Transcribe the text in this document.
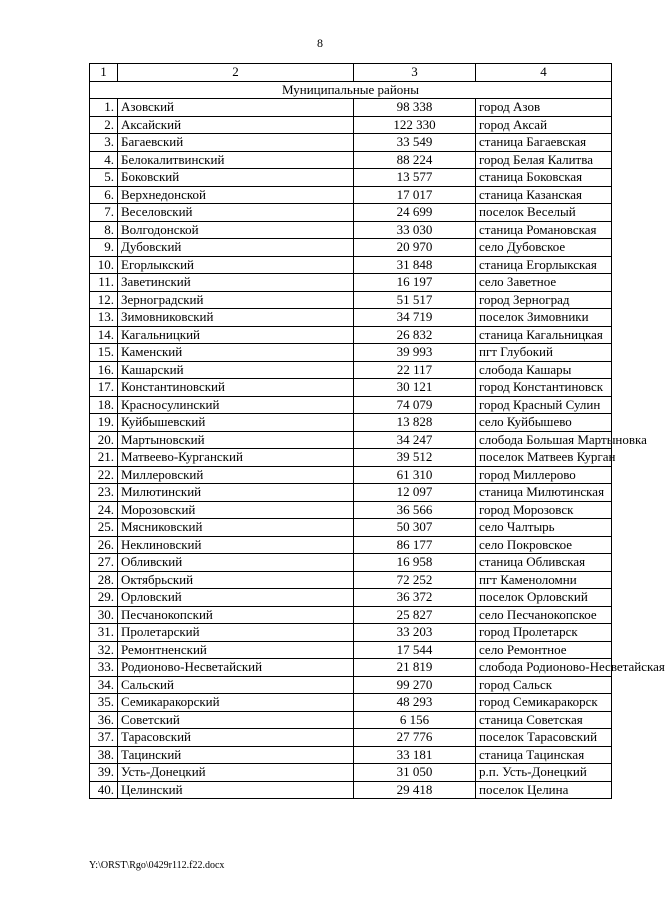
8
1	2	3	4
Муниципальные районы			
1.	Азовский	98 338	город Азов
2.	Аксайский	122 330	город Аксай
3.	Багаевский	33 549	станица Багаевская
4.	Белокалитвинский	88 224	город Белая Калитва
5.	Боковский	13 577	станица Боковская
6.	Верхнедонской	17 017	станица Казанская
7.	Веселовский	24 699	поселок Веселый
8.	Волгодонской	33 030	станица Романовская
9.	Дубовский	20 970	село Дубовское
10.	Егорлыкский	31 848	станица Егорлыкская
11.	Заветинский	16 197	село Заветное
12.	Зерноградский	51 517	город Зерноград
13.	Зимовниковский	34 719	поселок Зимовники
14.	Кагальницкий	26 832	станица Кагальницкая
15.	Каменский	39 993	пгт Глубокий
16.	Кашарский	22 117	слобода Кашары
17.	Константиновский	30 121	город Константиновск
18.	Красносулинский	74 079	город Красный Сулин
19.	Куйбышевский	13 828	село Куйбышево
20.	Мартыновский	34 247	слобода Большая Мартыновка
21.	Матвеево-Курганский	39 512	поселок Матвеев Курган
22.	Миллеровский	61 310	город Миллерово
23.	Милютинский	12 097	станица Милютинская
24.	Морозовский	36 566	город Морозовск
25.	Мясниковский	50 307	село Чалтырь
26.	Неклиновский	86 177	село Покровское
27.	Обливский	16 958	станица Обливская
28.	Октябрьский	72 252	пгт Каменоломни
29.	Орловский	36 372	поселок Орловский
30.	Песчанокопский	25 827	село Песчанокопское
31.	Пролетарский	33 203	город Пролетарск
32.	Ремонтненский	17 544	село Ремонтное
33.	Родионово-Несветайский	21 819	слобода Родионово-Несветайская
34.	Сальский	99 270	город Сальск
35.	Семикаракорский	48 293	город Семикаракорск
36.	Советский	6 156	станица Советская
37.	Тарасовский	27 776	поселок Тарасовский
38.	Тацинский	33 181	станица Тацинская
39.	Усть-Донецкий	31 050	р.п. Усть-Донецкий
40.	Целинский	29 418	поселок Целина
Y:\ORST\Rgo\0429r112.f22.docx
